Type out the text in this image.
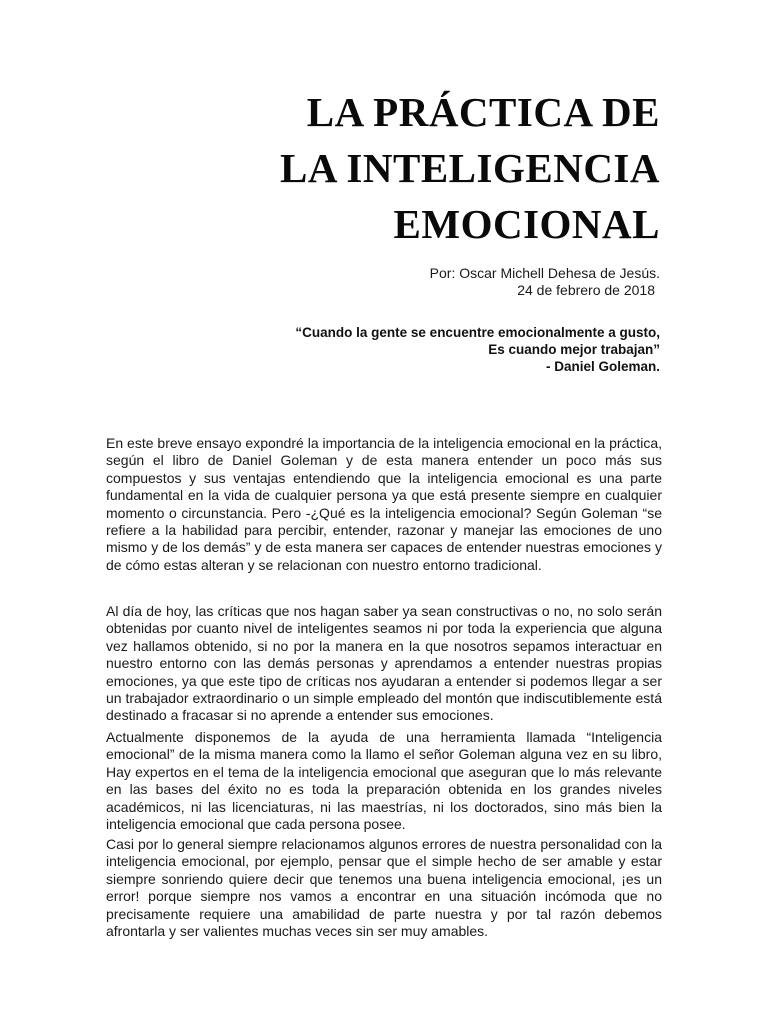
LA PRÁCTICA DE
LA INTELIGENCIA
EMOCIONAL
Por: Oscar Michell Dehesa de Jesús.
24 de febrero de 2018
“Cuando la gente se encuentre emocionalmente a gusto,
Es cuando mejor trabajan”
- Daniel Goleman.

En este breve ensayo expondré la importancia de la inteligencia emocional en la práctica, según el libro de Daniel Goleman y de esta manera entender un poco más sus compuestos y sus ventajas entendiendo que la inteligencia emocional es una parte fundamental en la vida de cualquier persona ya que está presente siempre en cualquier momento o circunstancia. Pero -¿Qué es la inteligencia emocional? Según Goleman “se refiere a la habilidad para percibir, entender, razonar y manejar las emociones de uno mismo y de los demás” y de esta manera ser capaces de entender nuestras emociones y de cómo estas alteran y se relacionan con nuestro entorno tradicional.

Al día de hoy, las críticas que nos hagan saber ya sean constructivas o no, no solo serán obtenidas por cuanto nivel de inteligentes seamos ni por toda la experiencia que alguna vez hallamos obtenido, si no por la manera en la que nosotros sepamos interactuar en nuestro entorno con las demás personas y aprendamos a entender nuestras propias emociones, ya que este tipo de críticas nos ayudaran a entender si podemos llegar a ser un trabajador extraordinario o un simple empleado del montón que indiscutiblemente está destinado a fracasar si no aprende a entender sus emociones.

Actualmente disponemos de la ayuda de una herramienta llamada “Inteligencia emocional” de la misma manera como la llamo el señor Goleman alguna vez en su libro, Hay expertos en el tema de la inteligencia emocional que aseguran que lo más relevante en las bases del éxito no es toda la preparación obtenida en los grandes niveles académicos, ni las licenciaturas, ni las maestrías, ni los doctorados, sino más bien la inteligencia emocional que cada persona posee.

Casi por lo general siempre relacionamos algunos errores de nuestra personalidad con la inteligencia emocional, por ejemplo, pensar que el simple hecho de ser amable y estar siempre sonriendo quiere decir que tenemos una buena inteligencia emocional, ¡es un error! porque siempre nos vamos a encontrar en una situación incómoda que no precisamente requiere una amabilidad de parte nuestra y por tal razón debemos afrontarla y ser valientes muchas veces sin ser muy amables.
